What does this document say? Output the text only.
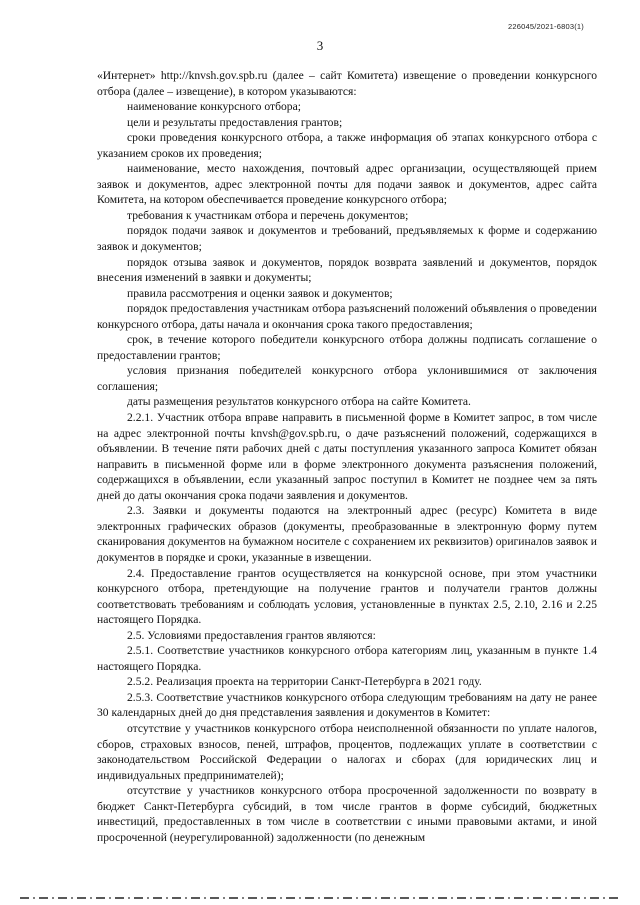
226045/2021-6803(1)
3

«Интернет» http://knvsh.gov.spb.ru (далее – сайт Комитета) извещение о проведении конкурсного отбора (далее – извещение), в котором указываются:

наименование конкурсного отбора;

цели и результаты предоставления грантов;

сроки проведения конкурсного отбора, а также информация об этапах конкурсного отбора с указанием сроков их проведения;

наименование, место нахождения, почтовый адрес организации, осуществляющей прием заявок и документов, адрес электронной почты для подачи заявок и документов, адрес сайта Комитета, на котором обеспечивается проведение конкурсного отбора;

требования к участникам отбора и перечень документов;

порядок подачи заявок и документов и требований, предъявляемых к форме и содержанию заявок и документов;

порядок отзыва заявок и документов, порядок возврата заявлений и документов, порядок внесения изменений в заявки и документы;

правила рассмотрения и оценки заявок и документов;

порядок предоставления участникам отбора разъяснений положений объявления о проведении конкурсного отбора, даты начала и окончания срока такого предоставления;

срок, в течение которого победители конкурсного отбора должны подписать соглашение о предоставлении грантов;

условия признания победителей конкурсного отбора уклонившимися от заключения соглашения;

даты размещения результатов конкурсного отбора на сайте Комитета.

2.2.1. Участник отбора вправе направить в письменной форме в Комитет запрос, в том числе на адрес электронной почты knvsh@gov.spb.ru, о даче разъяснений положений, содержащихся в объявлении. В течение пяти рабочих дней с даты поступления указанного запроса Комитет обязан направить в письменной форме или в форме электронного документа разъяснения положений, содержащихся в объявлении, если указанный запрос поступил в Комитет не позднее чем за пять дней до даты окончания срока подачи заявления и документов.

2.3. Заявки и документы подаются на электронный адрес (ресурс) Комитета в виде электронных графических образов (документы, преобразованные в электронную форму путем сканирования документов на бумажном носителе с сохранением их реквизитов) оригиналов заявок и документов в порядке и сроки, указанные в извещении.

2.4. Предоставление грантов осуществляется на конкурсной основе, при этом участники конкурсного отбора, претендующие на получение грантов и получатели грантов должны соответствовать требованиям и соблюдать условия, установленные в пунктах 2.5, 2.10, 2.16 и 2.25 настоящего Порядка.

2.5. Условиями предоставления грантов являются:

2.5.1. Соответствие участников конкурсного отбора категориям лиц, указанным в пункте 1.4 настоящего Порядка.

2.5.2. Реализация проекта на территории Санкт-Петербурга в 2021 году.

2.5.3. Соответствие участников конкурсного отбора следующим требованиям на дату не ранее 30 календарных дней до дня представления заявления и документов в Комитет:

отсутствие у участников конкурсного отбора неисполненной обязанности по уплате налогов, сборов, страховых взносов, пеней, штрафов, процентов, подлежащих уплате в соответствии с законодательством Российской Федерации о налогах и сборах (для юридических лиц и индивидуальных предпринимателей);

отсутствие у участников конкурсного отбора просроченной задолженности по возврату в бюджет Санкт-Петербурга субсидий, в том числе грантов в форме субсидий, бюджетных инвестиций, предоставленных в том числе в соответствии с иными правовыми актами, и иной просроченной (неурегулированной) задолженности (по денежным
